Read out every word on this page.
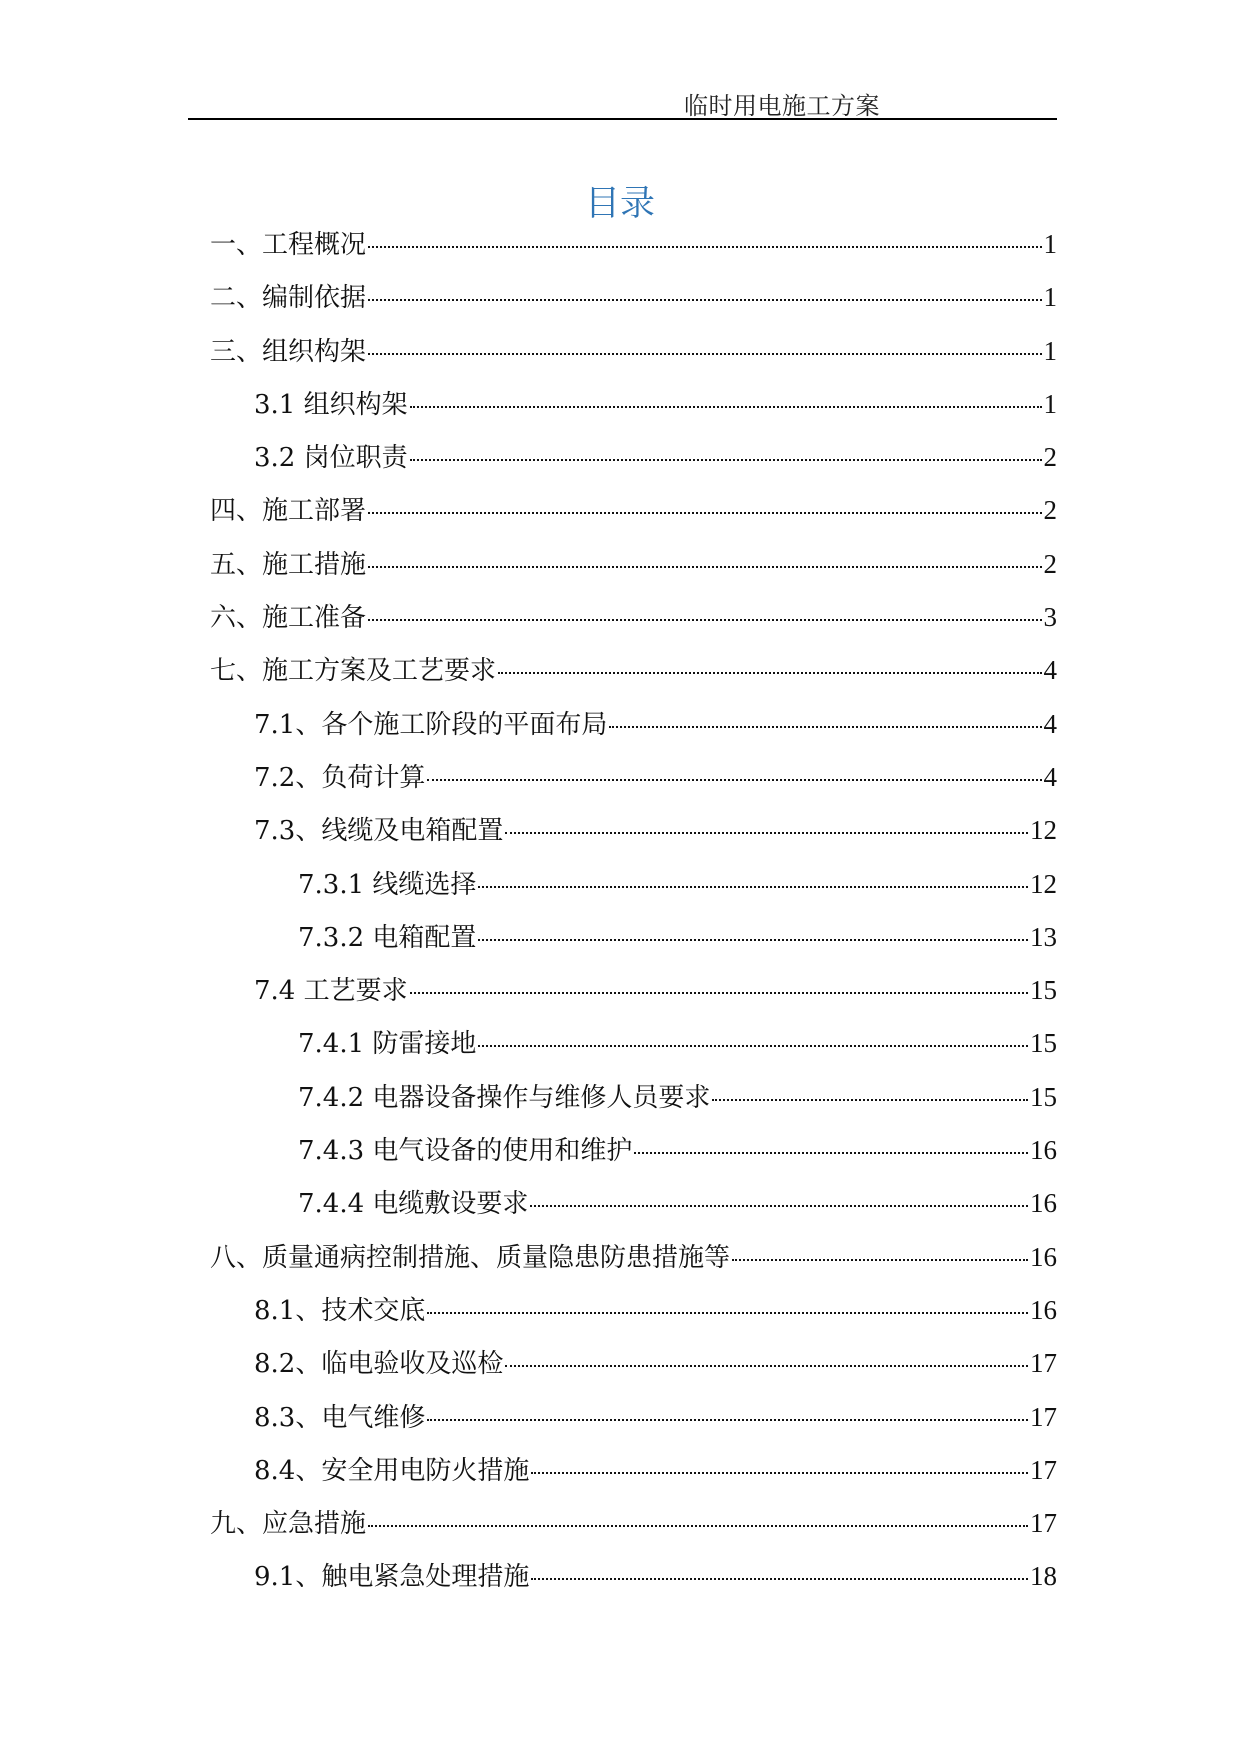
临时用电施工方案
目录
一、工程概况	1
二、编制依据	1
三、组织构架	1
3.1 组织构架	1
3.2 岗位职责	2
四、施工部署	2
五、施工措施	2
六、施工准备	3
七、施工方案及工艺要求	4
7.1、各个施工阶段的平面布局	4
7.2、负荷计算	4
7.3、线缆及电箱配置	12
7.3.1 线缆选择	12
7.3.2 电箱配置	13
7.4 工艺要求	15
7.4.1 防雷接地	15
7.4.2 电器设备操作与维修人员要求	15
7.4.3 电气设备的使用和维护	16
7.4.4 电缆敷设要求	16
八、质量通病控制措施、质量隐患防患措施等	16
8.1、技术交底	16
8.2、临电验收及巡检	17
8.3、电气维修	17
8.4、安全用电防火措施	17
九、应急措施	17
9.1、触电紧急处理措施	18
